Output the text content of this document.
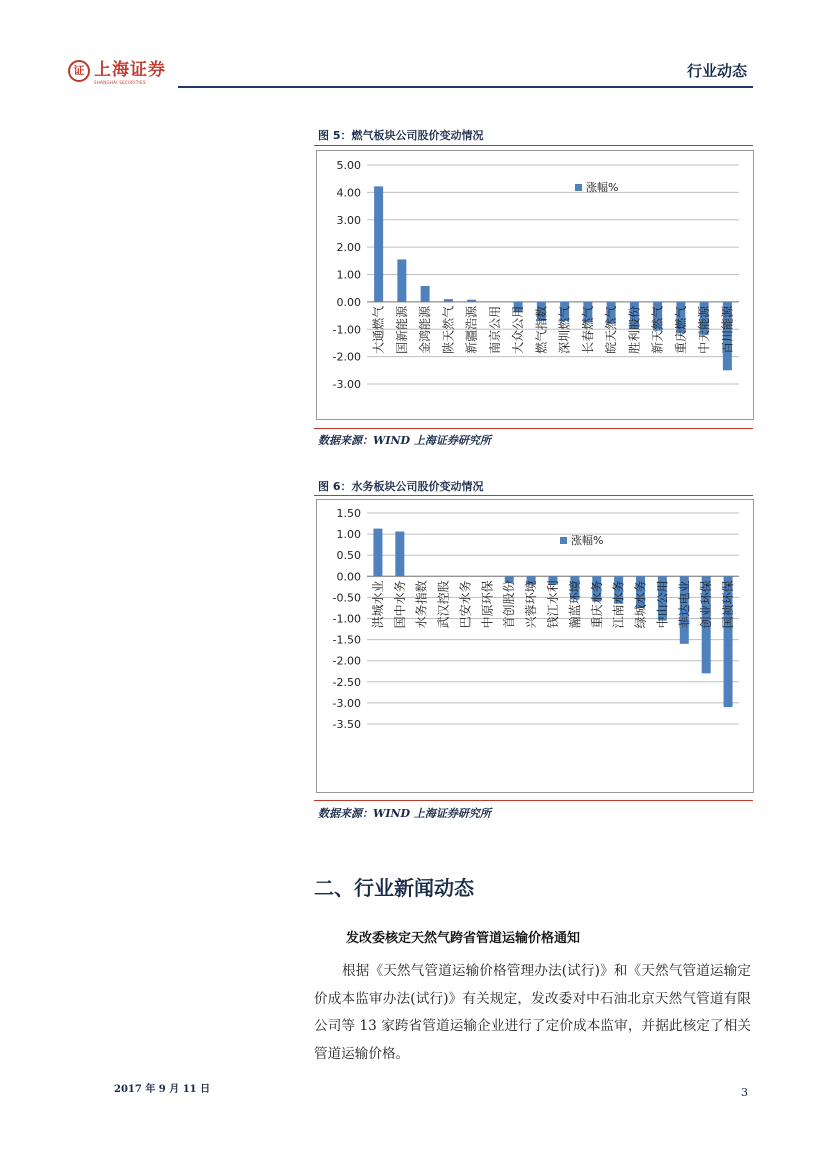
证 上海证券
SHANGHAI SECURITIES
行业动态
图 5：燃气板块公司股价变动情况
5.00
4.00
3.00
2.00
1.00
0.00
-1.00
-2.00
-3.00
大通燃气 国新能源 金鸿能源 陕天然气 新疆浩源 南京公用 大众公用 燃气指数 深圳燃气 长春燃气 皖天然气 胜利股份 新天然气 重庆燃气 中天能源 百川能源
涨幅%
数据来源：WIND 上海证券研究所
图 6：水务板块公司股价变动情况
1.50
1.00
0.50
0.00
-0.50
-1.00
-1.50
-2.00
-2.50
-3.00
-3.50
洪城水业 国中水务 水务指数 武汉控股 巴安水务 中原环保 首创股份 兴蓉环境 钱江水利 瀚蓝环境 重庆水务 江南水务 绿城水务 中山公用 菲达电业 创业环保 国祯环保
涨幅%
数据来源：WIND 上海证券研究所
二、行业新闻动态
发改委核定天然气跨省管道运输价格通知
根据《天然气管道运输价格管理办法(试行)》和《天然气管道运输定价成本监审办法(试行)》有关规定，发改委对中石油北京天然气管道有限公司等 13 家跨省管道运输企业进行了定价成本监审，并据此核定了相关管道运输价格。
2017 年 9 月 11 日	3
